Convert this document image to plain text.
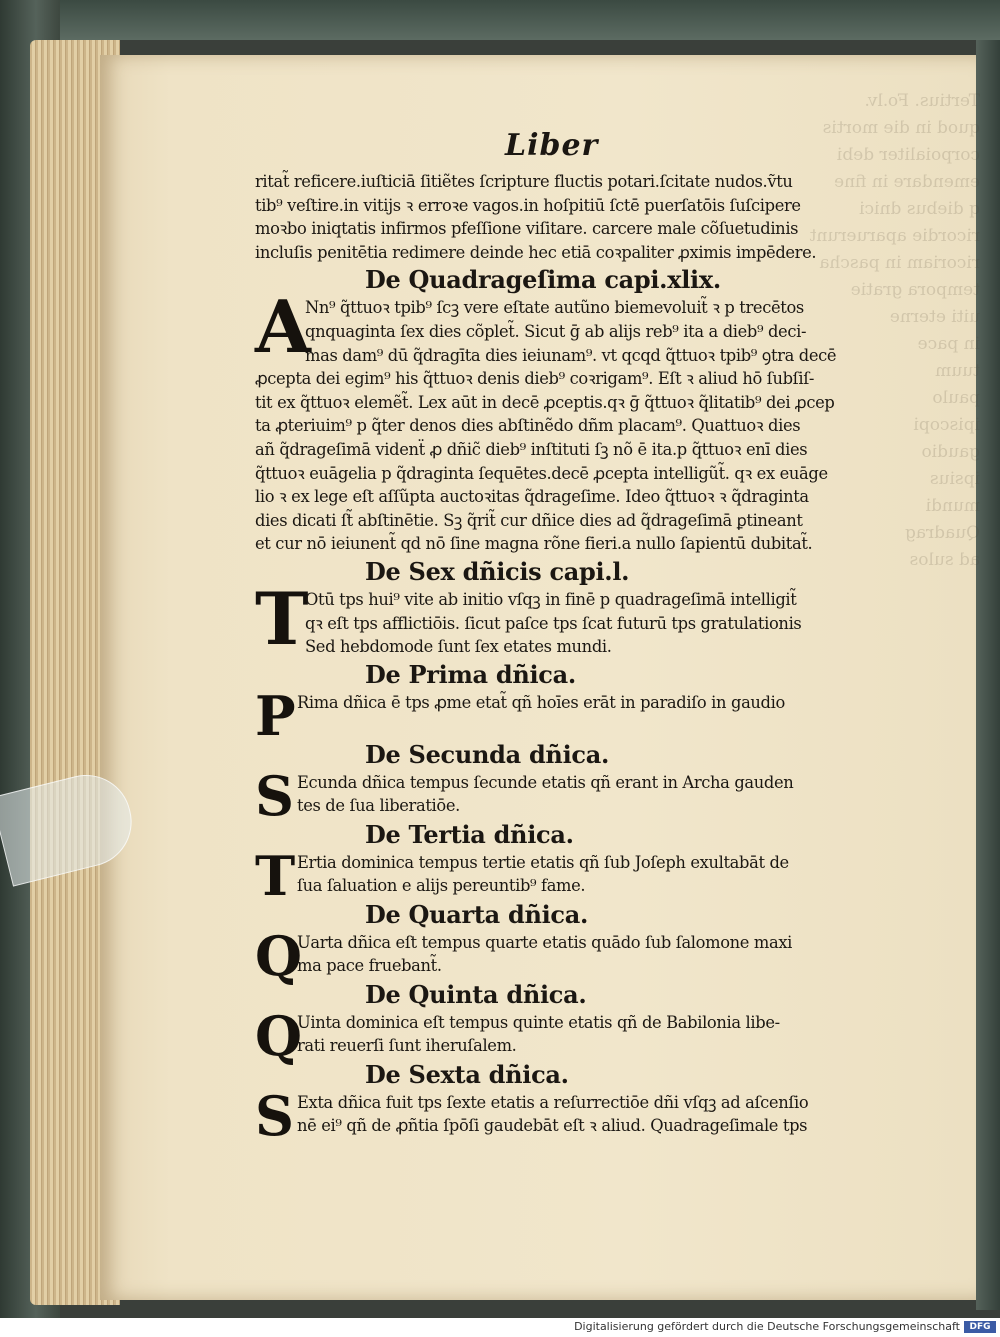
Tertius. Fo.lv.
quod in die mortis
corpoialiter debi
emendare in fine
q diebus dnici
ricordie aparuerunt
ricoriam in pascha
tempora gratie
uiti eterne
in pace
tuum
paulo
ipiscopi
gaudio
ipsius
mundi
Quadrag
ad sulos
Liber
ritat̃ reficere.iuſticiā ſitiẽtes ſcripture fluctis potari.ſcitate nudos.ṽtu
tib⁹ veſtire.in vitijs ꝛ erroꝛe vagos.in hoſpitiū ſctē puerſatōis ſuſcipere
moꝛbo iniqtatis infirmos pfeſſione viſitare. carcere male cõſuetudinis
incluſis penitētia redimere deinde hec etiā coꝛpaliter ꝓximis impēdere.
De Quadrageſima capi.xlix.
A
Nn⁹ q̃ttuoꝛ tpib⁹ ſcꝫ vere eſtate autũno biemevoluit̃ ꝛ p trecētos
qnquaginta ſex dies cõplet̃. Sicut ḡ ab alijs reb⁹ ita a dieb⁹ deci-
mas dam⁹ dū q̃dragīta dies ieiunam⁹. vt qcqd q̃ttuoꝛ tpib⁹ ꝯtra decē
ꝓcepta dei egim⁹ his q̃ttuoꝛ denis dieb⁹ coꝛrigam⁹. Eſt ꝛ aliud hō ſubſiſ-
tit ex q̃ttuoꝛ elemẽt̃. Lex aūt in decē ꝓceptis.qꝛ ḡ q̃ttuoꝛ q̃litatib⁹ dei ꝓcep
ta ꝓteriuim⁹ p q̃ter denos dies abſtinẽdo dñm placam⁹. Quattuoꝛ dies
añ q̃drageſimā videnẗ ꝓ dñic̃ dieb⁹ inſtituti ſꝫ nõ ē ita.p q̃ttuoꝛ enī dies
q̃ttuoꝛ euāgelia p q̃draginta ſequētes.decē ꝓcepta intelligũt̃. qꝛ ex euāge
lio ꝛ ex lege eſt aſſũpta auctoꝛitas q̃drageſime. Ideo q̃ttuoꝛ ꝛ q̃draginta
dies dicati ſt̃ abſtinētie. Sꝫ q̃rit̃ cur dñice dies ad q̃drageſimā ꝑtineant
et cur nō ieiunent̃ qd nō ſine magna rõne fieri.a nullo ſapientū dubitat̃.
De Sex dñicis capi.l.
T
Otū tps hui⁹ vite ab initio vſqꝫ in finē p quadrageſimā intelligit̃
qꝛ eſt tps afflictiōis. ſicut paſce tps ſcat futurū tps gratulationis
Sed hebdomode ſunt ſex etates mundi.
De Prima dñica.
P Rima dñica ē tps ꝓme etat̃ qñ hoīes erāt in paradiſo in gaudio
De Secunda dñica.
S Ecunda dñica tempus ſecunde etatis qñ erant in Archa gauden
tes de ſua liberatiōe.
De Tertia dñica.
T Ertia dominica tempus tertie etatis qñ ſub Joſeph exultabāt de
ſua ſaluation e alijs pereuntib⁹ fame.
De Quarta dñica.
Q
Uarta dñica eſt tempus quarte etatis quādo ſub ſalomone maxi
ma pace fruebant̃.
De Quinta dñica.
Q
Uinta dominica eſt tempus quinte etatis qñ de Babilonia libe-
rati reuerſi ſunt iheruſalem.
De Sexta dñica.
S Exta dñica fuit tps ſexte etatis a reſurrectiōe dñi vſqꝫ ad aſcenſio
nē ei⁹ qñ de ꝓñtia ſpōſi gaudebāt eſt ꝛ aliud. Quadrageſimale tps
Digitalisierung gefördert durch die Deutsche Forschungsgemeinschaft	DFG
